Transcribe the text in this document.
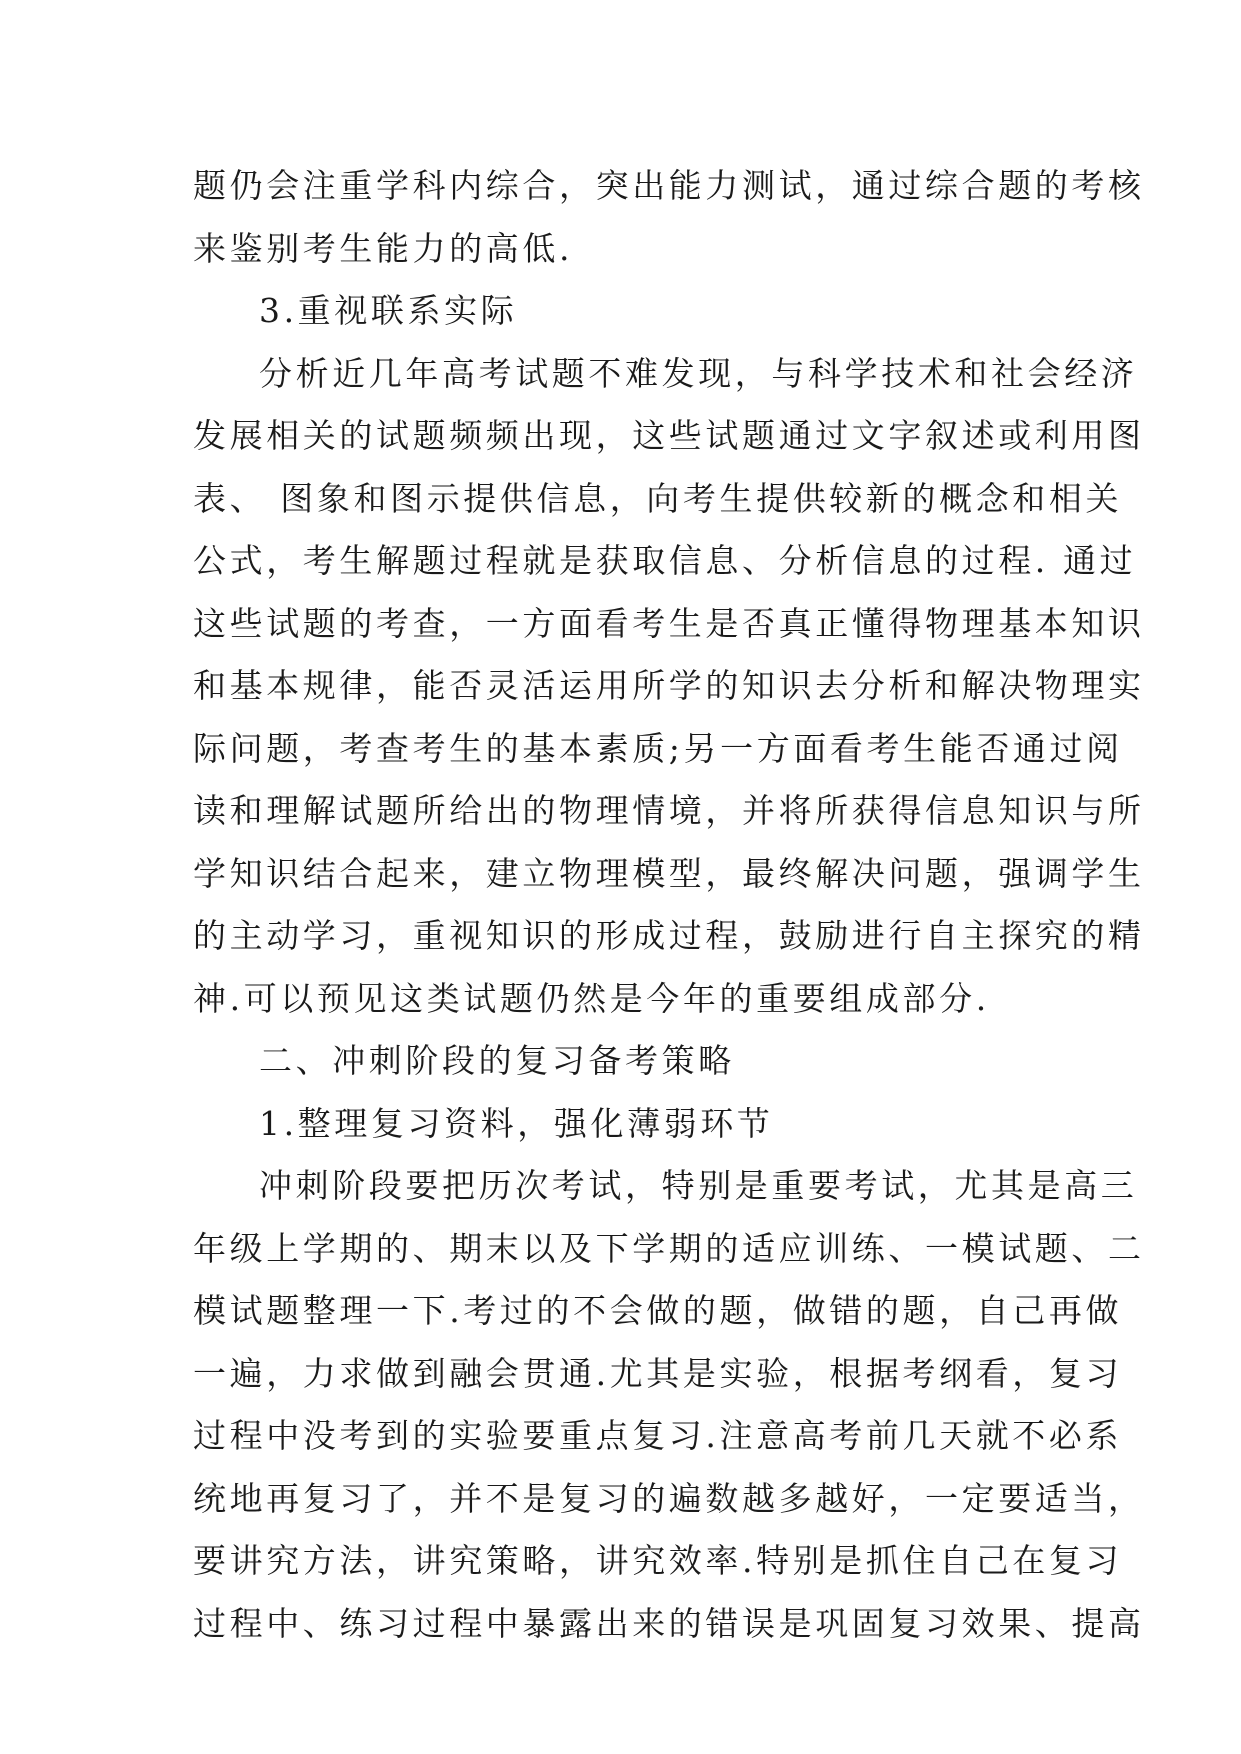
题仍会注重学科内综合，突出能力测试，通过综合题的考核
来鉴别考生能力的高低.
3.重视联系实际
分析近几年高考试题不难发现，与科学技术和社会经济
发展相关的试题频频出现，这些试题通过文字叙述或利用图
表、 图象和图示提供信息，向考生提供较新的概念和相关
公式，考生解题过程就是获取信息、分析信息的过程. 通过
这些试题的考查，一方面看考生是否真正懂得物理基本知识
和基本规律，能否灵活运用所学的知识去分析和解决物理实
际问题，考查考生的基本素质;另一方面看考生能否通过阅
读和理解试题所给出的物理情境，并将所获得信息知识与所
学知识结合起来，建立物理模型，最终解决问题，强调学生
的主动学习，重视知识的形成过程，鼓励进行自主探究的精
神.可以预见这类试题仍然是今年的重要组成部分.
二、冲刺阶段的复习备考策略
1.整理复习资料，强化薄弱环节
冲刺阶段要把历次考试，特别是重要考试，尤其是高三
年级上学期的、期末以及下学期的适应训练、一模试题、二
模试题整理一下.考过的不会做的题，做错的题，自己再做
一遍，力求做到融会贯通.尤其是实验，根据考纲看，复习
过程中没考到的实验要重点复习.注意高考前几天就不必系
统地再复习了，并不是复习的遍数越多越好，一定要适当，
要讲究方法，讲究策略，讲究效率.特别是抓住自己在复习
过程中、练习过程中暴露出来的错误是巩固复习效果、提高
